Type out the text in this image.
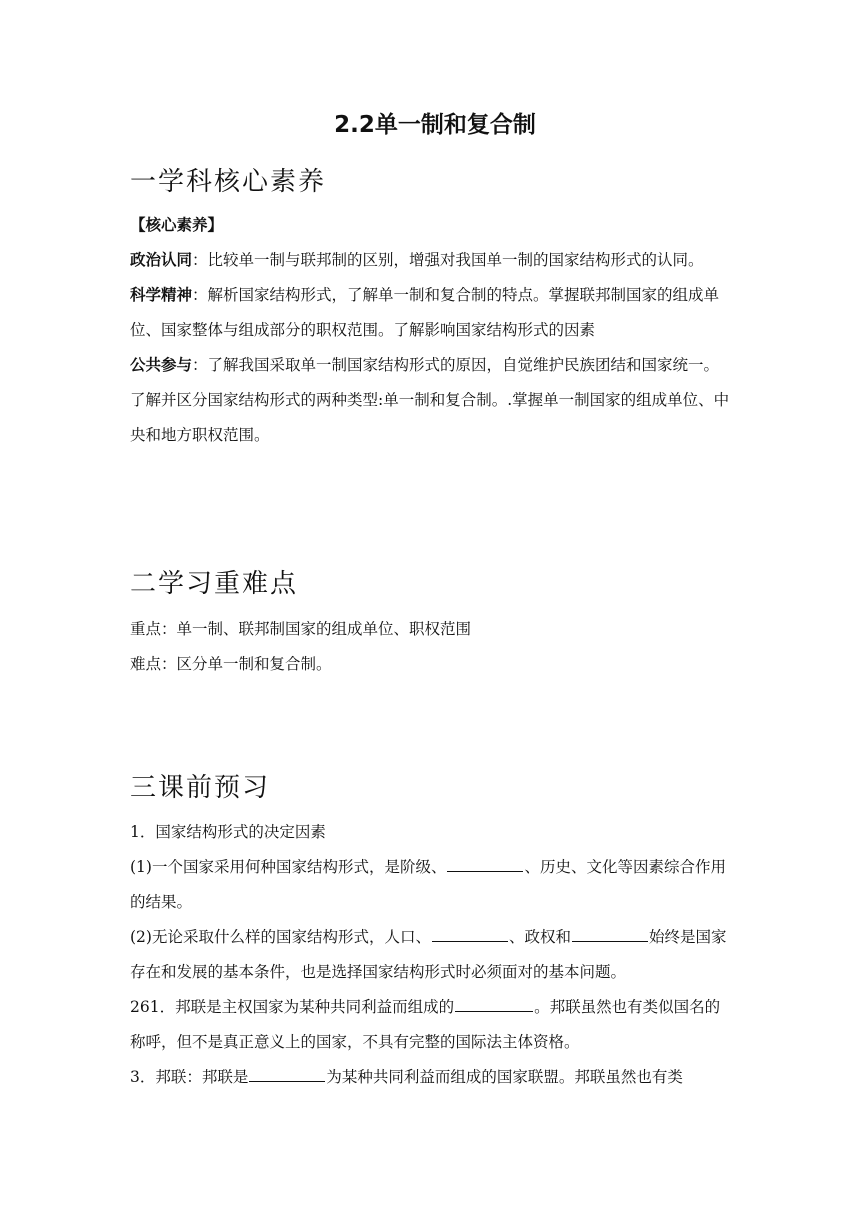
2.2单一制和复合制
一学科核心素养

【核心素养】

政治认同：比较单一制与联邦制的区别，增强对我国单一制的国家结构形式的认同。

科学精神：解析国家结构形式，了解单一制和复合制的特点。掌握联邦制国家的组成单位、国家整体与组成部分的职权范围。了解影响国家结构形式的因素

公共参与：了解我国采取单一制国家结构形式的原因，自觉维护民族团结和国家统一。

了解并区分国家结构形式的两种类型:单一制和复合制。.掌握单一制国家的组成单位、中央和地方职权范围。

二学习重难点

重点：单一制、联邦制国家的组成单位、职权范围

难点：区分单一制和复合制。

三课前预习

1．国家结构形式的决定因素

(1)一个国家采用何种国家结构形式，是阶级、	、历史、文化等因素综合作用的结果。

(2)无论采取什么样的国家结构形式，人口、	、政权和	始终是国家存在和发展的基本条件，也是选择国家结构形式时必须面对的基本问题。

261．邦联是主权国家为某种共同利益而组成的	。邦联虽然也有类似国名的称呼，但不是真正意义上的国家，不具有完整的国际法主体资格。

3．邦联：邦联是	为某种共同利益而组成的国家联盟。邦联虽然也有类
